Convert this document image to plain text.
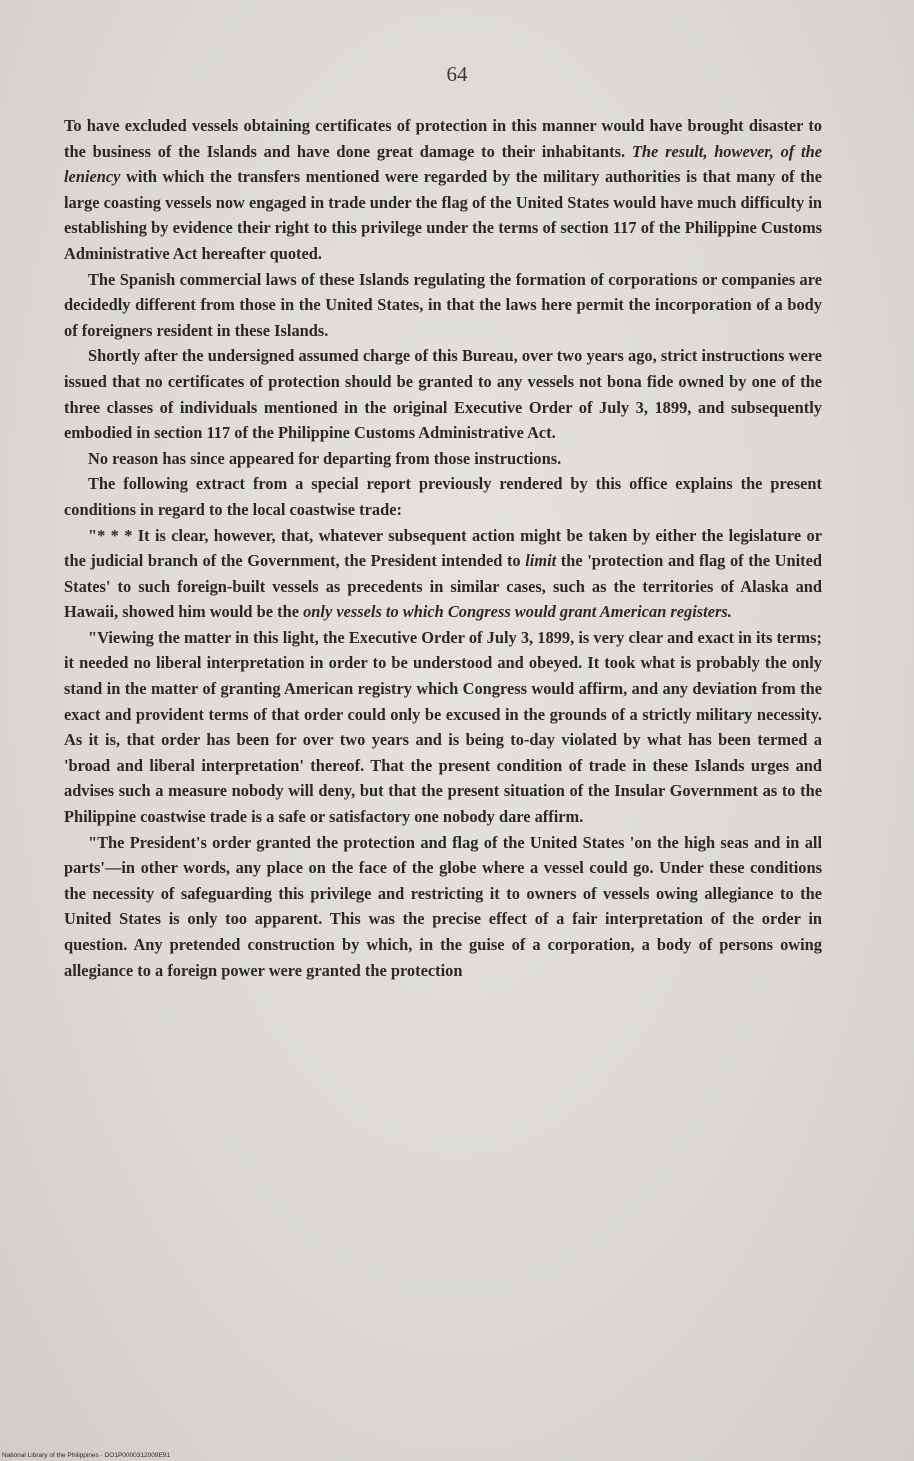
64

To have excluded vessels obtaining certificates of protection in this manner would have brought disaster to the business of the Islands and have done great damage to their inhabitants. The result, however, of the leniency with which the transfers mentioned were regarded by the military authorities is that many of the large coasting vessels now engaged in trade under the flag of the United States would have much difficulty in establishing by evidence their right to this privilege under the terms of section 117 of the Philippine Customs Administrative Act hereafter quoted.

The Spanish commercial laws of these Islands regulating the formation of corporations or companies are decidedly different from those in the United States, in that the laws here permit the incorporation of a body of foreigners resident in these Islands.

Shortly after the undersigned assumed charge of this Bureau, over two years ago, strict instructions were issued that no certificates of protection should be granted to any vessels not bona fide owned by one of the three classes of individuals mentioned in the original Executive Order of July 3, 1899, and subsequently embodied in section 117 of the Philippine Customs Administrative Act.

No reason has since appeared for departing from those instructions.

The following extract from a special report previously rendered by this office explains the present conditions in regard to the local coastwise trade:

"* * * It is clear, however, that, whatever subsequent action might be taken by either the legislature or the judicial branch of the Government, the President intended to limit the 'protection and flag of the United States' to such foreign-built vessels as precedents in similar cases, such as the territories of Alaska and Hawaii, showed him would be the only vessels to which Congress would grant American registers.

"Viewing the matter in this light, the Executive Order of July 3, 1899, is very clear and exact in its terms; it needed no liberal interpretation in order to be understood and obeyed. It took what is probably the only stand in the matter of granting American registry which Congress would affirm, and any deviation from the exact and provident terms of that order could only be excused in the grounds of a strictly military necessity. As it is, that order has been for over two years and is being to-day violated by what has been termed a 'broad and liberal interpretation' thereof. That the present condition of trade in these Islands urges and advises such a measure nobody will deny, but that the present situation of the Insular Government as to the Philippine coastwise trade is a safe or satisfactory one nobody dare affirm.

"The President's order granted the protection and flag of the United States 'on the high seas and in all parts'—in other words, any place on the face of the globe where a vessel could go. Under these conditions the necessity of safeguarding this privilege and restricting it to owners of vessels owing allegiance to the United States is only too apparent. This was the precise effect of a fair interpretation of the order in question. Any pretended construction by which, in the guise of a corporation, a body of persons owing allegiance to a foreign power were granted the protection

National Library of the Philippines · DO1P0000312009E91
